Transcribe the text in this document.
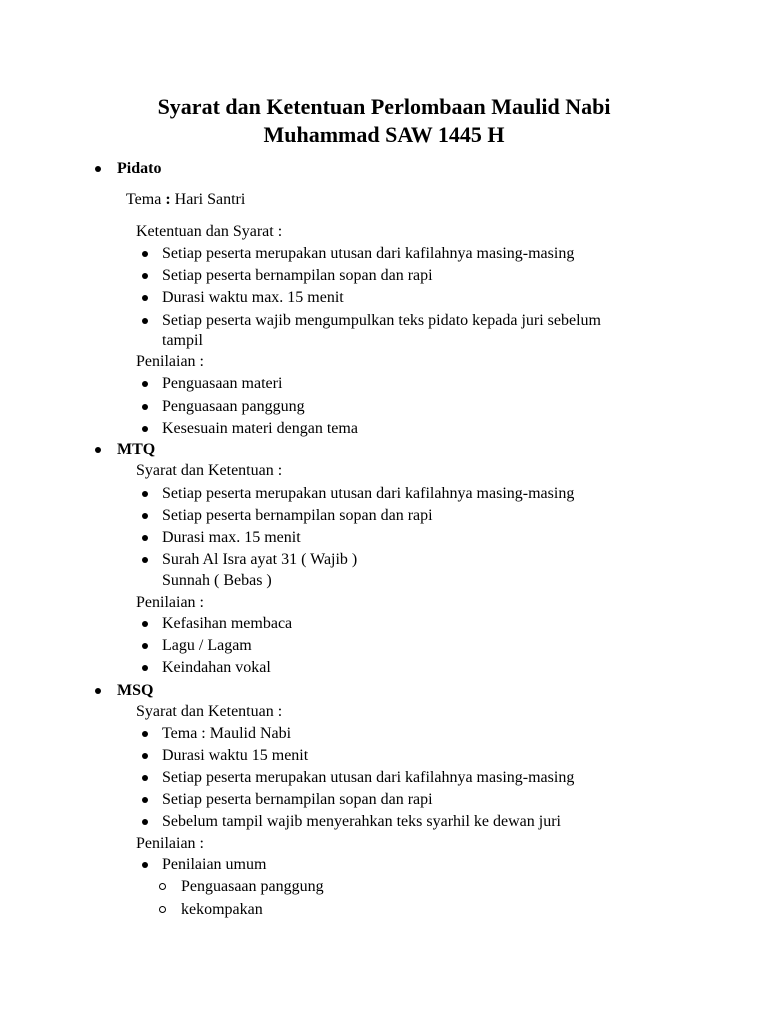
Syarat dan Ketentuan Perlombaan Maulid Nabi
Muhammad SAW 1445 H
Pidato
Tema : Hari Santri
Ketentuan dan Syarat :
Setiap peserta merupakan utusan dari kafilahnya masing-masing
Setiap peserta bernampilan sopan dan rapi
Durasi waktu max. 15 menit
Setiap peserta wajib mengumpulkan teks pidato kepada juri sebelum
tampil
Penilaian :
Penguasaan materi
Penguasaan panggung
Kesesuain materi dengan tema
MTQ
Syarat dan Ketentuan :
Setiap peserta merupakan utusan dari kafilahnya masing-masing
Setiap peserta bernampilan sopan dan rapi
Durasi max. 15 menit
Surah Al Isra ayat 31 ( Wajib )
Sunnah ( Bebas )
Penilaian :
Kefasihan membaca
Lagu / Lagam
Keindahan vokal
MSQ
Syarat dan Ketentuan :
Tema : Maulid Nabi
Durasi waktu 15 menit
Setiap peserta merupakan utusan dari kafilahnya masing-masing
Setiap peserta bernampilan sopan dan rapi
Sebelum tampil wajib menyerahkan teks syarhil ke dewan juri
Penilaian :
Penilaian umum
Penguasaan panggung
kekompakan
